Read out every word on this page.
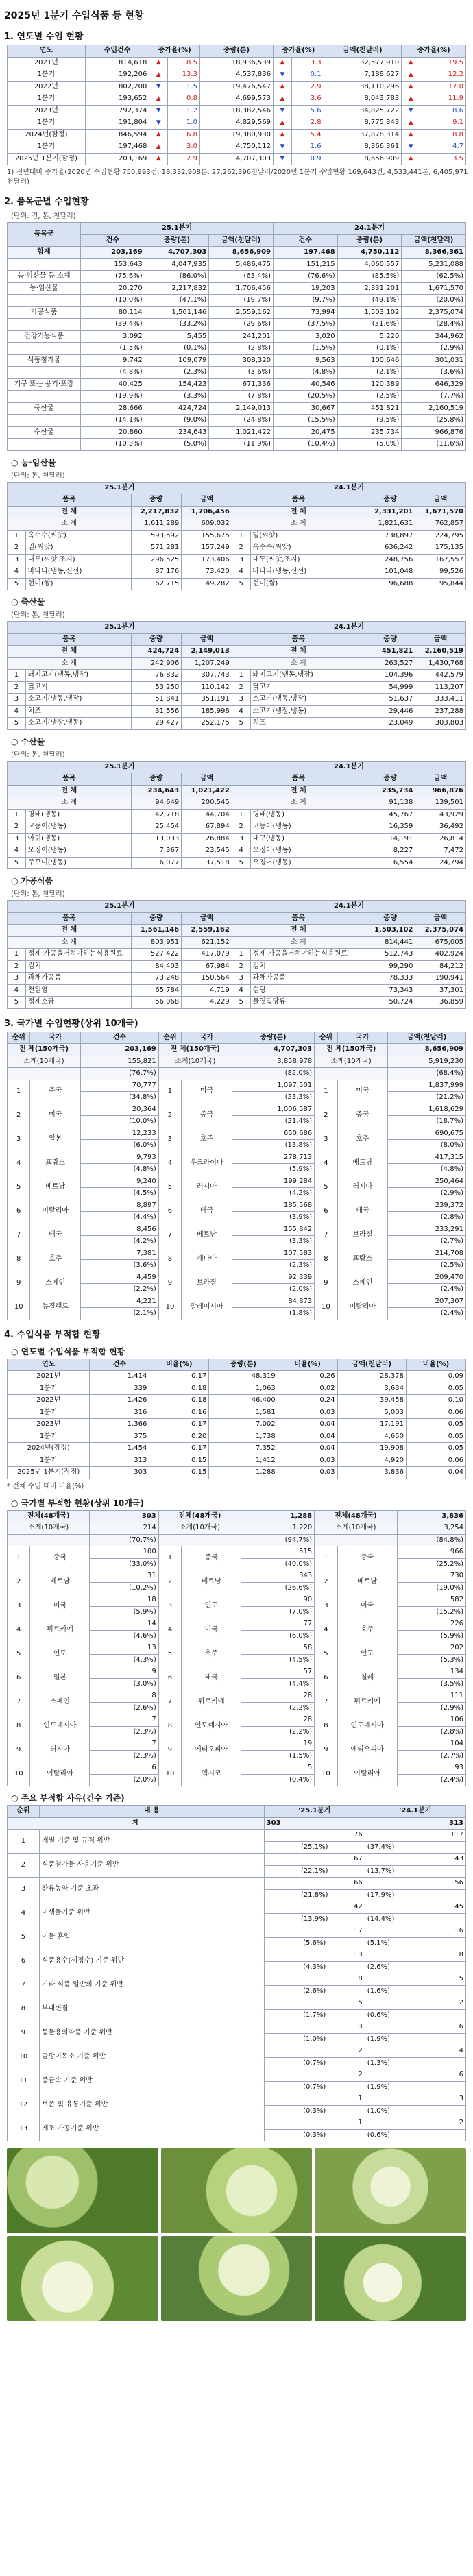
2025년 1분기 수입식품 등 현황
1. 연도별 수입 현황
연도	수입건수	증가율(%)		중량(톤)	증가율(%)		금액(천달러)	증가율(%)	
2021년	814,618	▲	8.5	18,936,539	▲	3.3	32,577,910	▲	19.5
1분기	192,206	▲	13.3	4,537,836	▼	0.1	7,188,627	▲	12.2
2022년	802,200	▼	1.5	19,476,547	▲	2.9	38,110,296	▲	17.0
1분기	193,652	▲	0.8	4,699,573	▲	3.6	8,043,783	▲	11.9
2023년	792,374	▼	1.2	18,382,546	▼	5.6	34,825,722	▼	8.6
1분기	191,804	▼	1.0	4,829,569	▲	2.8	8,775,343	▲	9.1
2024년(잠정)	846,594	▲	6.8	19,380,930	▲	5.4	37,878,314	▲	8.8
1분기	197,468	▲	3.0	4,750,112	▼	1.6	8,366,361	▼	4.7
2025년 1분기(잠정)	203,169	▲	2.9	4,707,303	▼	0.9	8,656,909	▲	3.5
1) 전년대비 증가율(2020년 수입현황 750,993건, 18,332,908톤, 27,262,396천달러/2020년 1분기 수입현황 169,643건, 4,533,441톤, 6,405,971천달러)
2. 품목군별 수입현황
(단위: 건, 톤, 천달러)
품목군	25.1분기			24.1분기		
	건수	중량(톤)	금액(천달러)	건수	중량(톤)	금액(천달러)
합계	203,169	4,707,303	8,656,909	197,468	4,750,112	8,366,361
	153,643	4,047,935	5,486,475	151,215	4,060,557	5,231,088
농·임산물 등 소계	(75.6%)	(86.0%)	(63.4%)	(76.6%)	(85.5%)	(62.5%)
농·임산물	20,270	2,217,832	1,706,456	19,203	2,331,201	1,671,570
	(10.0%)	(47.1%)	(19.7%)	(9.7%)	(49.1%)	(20.0%)
가공식품	80,114	1,561,146	2,559,162	73,994	1,503,102	2,375,074
	(39.4%)	(33.2%)	(29.6%)	(37.5%)	(31.6%)	(28.4%)
건강기능식품	3,092	5,455	241,201	3,020	5,220	244,962
	(1.5%)	(0.1%)	(2.8%)	(1.5%)	(0.1%)	(2.9%)
식품첨가물	9,742	109,079	308,320	9,563	100,646	301,031
	(4.8%)	(2.3%)	(3.6%)	(4.8%)	(2.1%)	(3.6%)
기구 또는 용기·포장	40,425	154,423	671,336	40,546	120,389	646,329
	(19.9%)	(3.3%)	(7.8%)	(20.5%)	(2.5%)	(7.7%)
축산물	28,666	424,724	2,149,013	30,667	451,821	2,160,519
	(14.1%)	(9.0%)	(24.8%)	(15.5%)	(9.5%)	(25.8%)
수산물	20,860	234,643	1,021,422	20,475	235,734	966,876
	(10.3%)	(5.0%)	(11.9%)	(10.4%)	(5.0%)	(11.6%)
○ 농·임산물
(단위: 톤, 천달러)
25.1분기				24.1분기			
품목		중량	금액	품목		중량	금액
전 체		2,217,832	1,706,456	전 체		2,331,201	1,671,570
소 계		1,611,289	609,032	소 계		1,821,631	762,857
1	옥수수(씨앗)	593,592	155,675	1	밀(씨앗)	738,897	224,795
2	밀(씨앗)	571,281	157,249	2	옥수수(씨앗)	636,242	175,135
3	대두(씨앗,조지)	296,525	173,406	3	대두(씨앗,조지)	248,756	167,557
4	바나나(냉동,신선)	87,176	73,420	4	바나나(냉동,신선)	101,048	99,526
5	현미(쌀)	62,715	49,282	5	현미(쌀)	96,688	95,844
○ 축산물
(단위: 톤, 천달러)
25.1분기				24.1분기			
품목		중량	금액	품목		중량	금액
전 체		424,724	2,149,013	전 체		451,821	2,160,519
소 계		242,906	1,207,249	소 계		263,527	1,430,768
1	돼지고기(냉동,냉장)	76,832	307,743	1	돼지고기(냉동,냉장)	104,396	442,579
2	닭고기	53,250	110,142	2	닭고기	54,999	113,207
3	소고기(냉동,냉장)	51,841	351,191	3	소고기(냉동,냉장)	51,637	333,411
4	치즈	31,556	185,998	4	소고기(냉장,냉동)	29,446	237,288
5	소고기(냉장,냉동)	29,427	252,175	5	치즈	23,049	303,803
○ 수산물
(단위: 톤, 천달러)
25.1분기				24.1분기			
품목		중량	금액	품목		중량	금액
전 체		234,643	1,021,422	전 체		235,734	966,876
소 계		94,649	200,545	소 계		91,138	139,501
1	명태(냉동)	42,718	44,704	1	명태(냉동)	45,767	43,929
2	고등어(냉동)	25,454	67,894	2	고등어(냉동)	16,359	36,492
3	아귀(냉동)	13,033	26,884	3	대구(냉동)	14,191	26,814
4	오징어(냉동)	7,367	23,545	4	오징어(냉동)	8,227	7,472
5	주꾸미(냉동)	6,077	37,518	5	오징어(냉동)	6,554	24,794
○ 가공식품
(단위: 톤, 천달러)
25.1분기				24.1분기			
품목		중량	금액	품목		중량	금액
전 체		1,561,146	2,559,162	전 체		1,503,102	2,375,074
소 계		803,951	621,152	소 계		814,441	675,005
1	정제·가공을거쳐야하는식용원료	527,422	417,079	1	정제·가공을거쳐야하는식용원료	512,743	402,924
2	김치	84,403	67,984	2	김치	99,290	84,212
3	과채가공품	73,248	150,564	3	과채가공품	78,333	190,941
4	천일염	65,784	4,719	4	설탕	73,343	37,301
5	정제소금	56,068	4,229	5	물엿및당류	50,724	36,859
3. 국가별 수입현황(상위 10개국)
순위	국가	건수	순위	국가	중량(톤)	순위	국가	금액(천달러)
전 체(150개국)		203,169	전 체(150개국)		4,707,303	전 체(150개국)		8,656,909
소계(10개국)		155,821	소계(10개국)		3,858,978	소계(10개국)		5,919,230
		(76.7%)			(82.0%)			(68.4%)
1	중국	70,777	1	미국	1,097,501	1	미국	1,837,999
		(34.8%)			(23.3%)			(21.2%)
2	미국	20,364	2	중국	1,006,587	2	중국	1,618,629
		(10.0%)			(21.4%)			(18.7%)
3	일본	12,233	3	호주	650,686	3	호주	690,675
		(6.0%)			(13.8%)			(8.0%)
4	프랑스	9,793	4	우크라이나	278,713	4	베트남	417,315
		(4.8%)			(5.9%)			(4.8%)
5	베트남	9,240	5	러시아	199,284	5	러시아	250,464
		(4.5%)			(4.2%)			(2.9%)
6	이탈리아	8,897	6	태국	185,568	6	태국	239,372
		(4.4%)			(3.9%)			(2.8%)
7	태국	8,456	7	베트남	155,842	7	브라질	233,291
		(4.2%)			(3.3%)			(2.7%)
8	호주	7,381	8	캐나다	107,583	8	프랑스	214,708
		(3.6%)			(2.3%)			(2.5%)
9	스페인	4,459	9	브라질	92,339	9	스페인	209,470
		(2.2%)			(2.0%)			(2.4%)
10	뉴질랜드	4,221	10	말레이시아	84,873	10	이탈리아	207,307
		(2.1%)			(1.8%)			(2.4%)
4. 수입식품 부적합 현황
○ 연도별 수입식품 부적합 현황
연도	건수	비율(%)	중량(톤)	비율(%)	금액(천달러)	비율(%)
2021년	1,414	0.17	48,319	0.26	28,378	0.09
1분기	339	0.18	1,063	0.02	3,634	0.05
2022년	1,426	0.18	46,400	0.24	39,458	0.10
1분기	316	0.16	1,581	0.03	5,003	0.06
2023년	1,366	0.17	7,002	0.04	17,191	0.05
1분기	375	0.20	1,738	0.04	4,650	0.05
2024년(잠정)	1,454	0.17	7,352	0.04	19,908	0.05
1분기	313	0.15	1,412	0.03	4,920	0.06
2025년 1분기(잠정)	303	0.15	1,288	0.03	3,836	0.04
* 전체 수입 대비 비율(%)
○ 국가별 부적합 현황(상위 10개국)
전체(48개국)		303	전체(48개국)		1,288	전체(48개국)		3,836
소계(10개국)		214	소계(10개국)		1,220	소계(10개국)		3,254
		(70.7%)			(94.7%)			(84.8%)
1	중국	100	1	중국	515	1	중국	966
		(33.0%)			(40.0%)			(25.2%)
2	베트남	31	2	베트남	343	2	베트남	730
		(10.2%)			(26.6%)			(19.0%)
3	미국	18	3	인도	90	3	미국	582
		(5.9%)			(7.0%)			(15.2%)
4	튀르키예	14	4	미국	77	4	호주	226
		(4.6%)			(6.0%)			(5.9%)
5	인도	13	5	호주	58	5	인도	202
		(4.3%)			(4.5%)			(5.3%)
6	일본	9	6	태국	57	6	칠레	134
		(3.0%)			(4.4%)			(3.5%)
7	스페인	8	7	튀르키예	28	7	튀르키예	111
		(2.6%)			(2.2%)			(2.9%)
8	인도네시아	7	8	인도네시아	28	8	인도네시아	106
		(2.3%)			(2.2%)			(2.8%)
9	러시아	7	9	에티오피아	19	9	에티오피아	104
		(2.3%)			(1.5%)			(2.7%)
10	이탈리아	6	10	멕시코	5	10	이탈리아	93
		(2.0%)			(0.4%)			(2.4%)
○ 주요 부적합 사유(건수 기준)
순위	내 용	'25.1분기	'24.1분기
계		303	313
1	개별 기준 및 규격 위반	76	117
		(25.1%)	(37.4%)
2	식품첨가물 사용기준 위반	67	43
		(22.1%)	(13.7%)
3	잔류농약 기준 초과	66	56
		(21.8%)	(17.9%)
4	미생물기준 위반	42	45
		(13.9%)	(14.4%)
5	이물 혼입	17	16
		(5.6%)	(5.1%)
6	식품용수(세정수) 기준 위반	13	8
		(4.3%)	(2.6%)
7	기타 식품 일반의 기준 위반	8	5
		(2.6%)	(1.6%)
8	부패변질	5	2
		(1.7%)	(0.6%)
9	동물용의약품 기준 위반	3	6
		(1.0%)	(1.9%)
10	곰팡이독소 기준 위반	2	4
		(0.7%)	(1.3%)
11	중금속 기준 위반	2	6
		(0.7%)	(1.9%)
12	보존 및 유통기준 위반	1	3
		(0.3%)	(1.0%)
13	제조·가공기준 위반	1	2
		(0.3%)	(0.6%)
